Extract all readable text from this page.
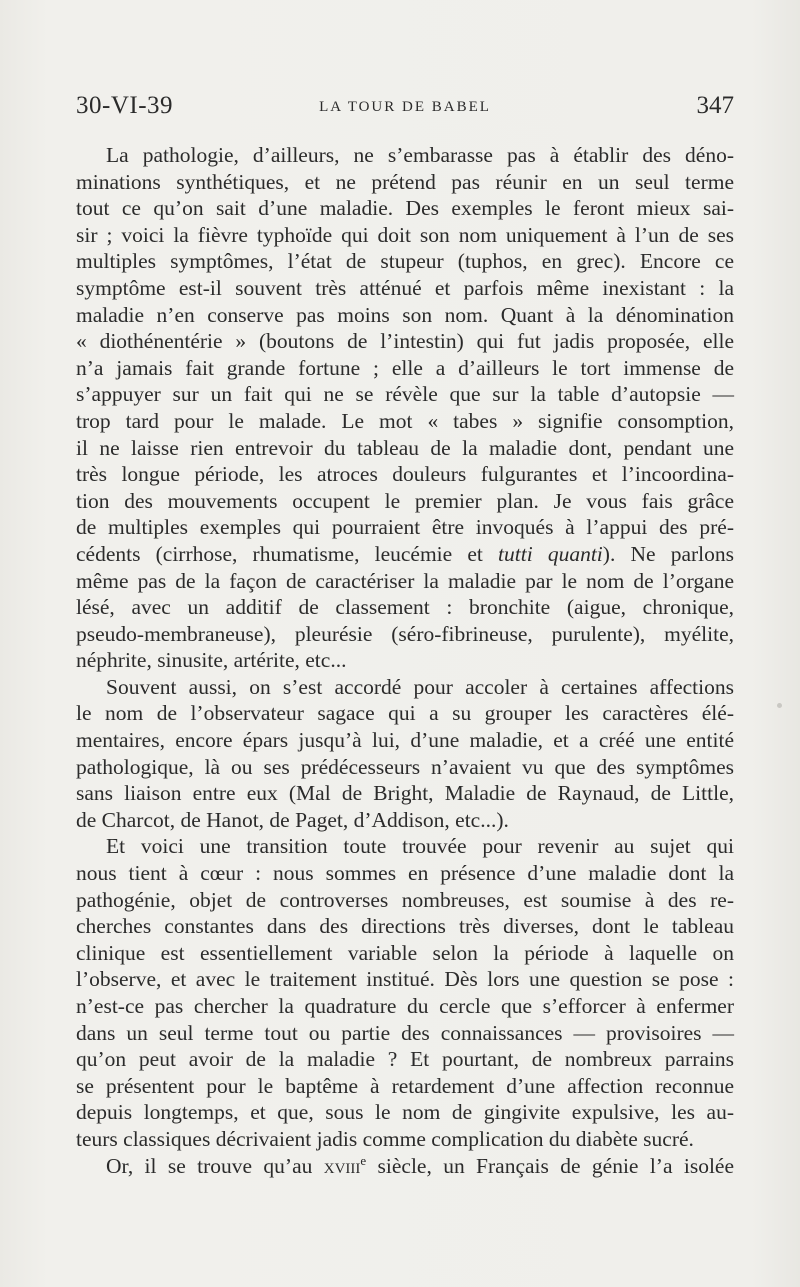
30-VI-39	LA TOUR DE BABEL	347
La pathologie, d’ailleurs, ne s’embarasse pas à établir des déno-
minations synthétiques, et ne prétend pas réunir en un seul terme
tout ce qu’on sait d’une maladie. Des exemples le feront mieux sai-
sir ; voici la fièvre typhoïde qui doit son nom uniquement à l’un de ses
multiples symptômes, l’état de stupeur (tuphos, en grec). Encore ce
symptôme est-il souvent très atténué et parfois même inexistant : la
maladie n’en conserve pas moins son nom. Quant à la dénomination
« diothénentérie » (boutons de l’intestin) qui fut jadis proposée, elle
n’a jamais fait grande fortune ; elle a d’ailleurs le tort immense de
s’appuyer sur un fait qui ne se révèle que sur la table d’autopsie —
trop tard pour le malade. Le mot « tabes » signifie consomption,
il ne laisse rien entrevoir du tableau de la maladie dont, pendant une
très longue période, les atroces douleurs fulgurantes et l’incoordina-
tion des mouvements occupent le premier plan. Je vous fais grâce
de multiples exemples qui pourraient être invoqués à l’appui des pré-
cédents (cirrhose, rhumatisme, leucémie et tutti quanti). Ne parlons
même pas de la façon de caractériser la maladie par le nom de l’organe
lésé, avec un additif de classement : bronchite (aigue, chronique,
pseudo-membraneuse), pleurésie (séro-fibrineuse, purulente), myélite,
néphrite, sinusite, artérite, etc...
Souvent aussi, on s’est accordé pour accoler à certaines affections
le nom de l’observateur sagace qui a su grouper les caractères élé-
mentaires, encore épars jusqu’à lui, d’une maladie, et a créé une entité
pathologique, là ou ses prédécesseurs n’avaient vu que des symptômes
sans liaison entre eux (Mal de Bright, Maladie de Raynaud, de Little,
de Charcot, de Hanot, de Paget, d’Addison, etc...).
Et voici une transition toute trouvée pour revenir au sujet qui
nous tient à cœur : nous sommes en présence d’une maladie dont la
pathogénie, objet de controverses nombreuses, est soumise à des re-
cherches constantes dans des directions très diverses, dont le tableau
clinique est essentiellement variable selon la période à laquelle on
l’observe, et avec le traitement institué. Dès lors une question se pose :
n’est-ce pas chercher la quadrature du cercle que s’efforcer à enfermer
dans un seul terme tout ou partie des connaissances — provisoires —
qu’on peut avoir de la maladie ? Et pourtant, de nombreux parrains
se présentent pour le baptême à retardement d’une affection reconnue
depuis longtemps, et que, sous le nom de gingivite expulsive, les au-
teurs classiques décrivaient jadis comme complication du diabète sucré.
Or, il se trouve qu’au xviii$^e$ siècle, un Français de génie l’a isolée
